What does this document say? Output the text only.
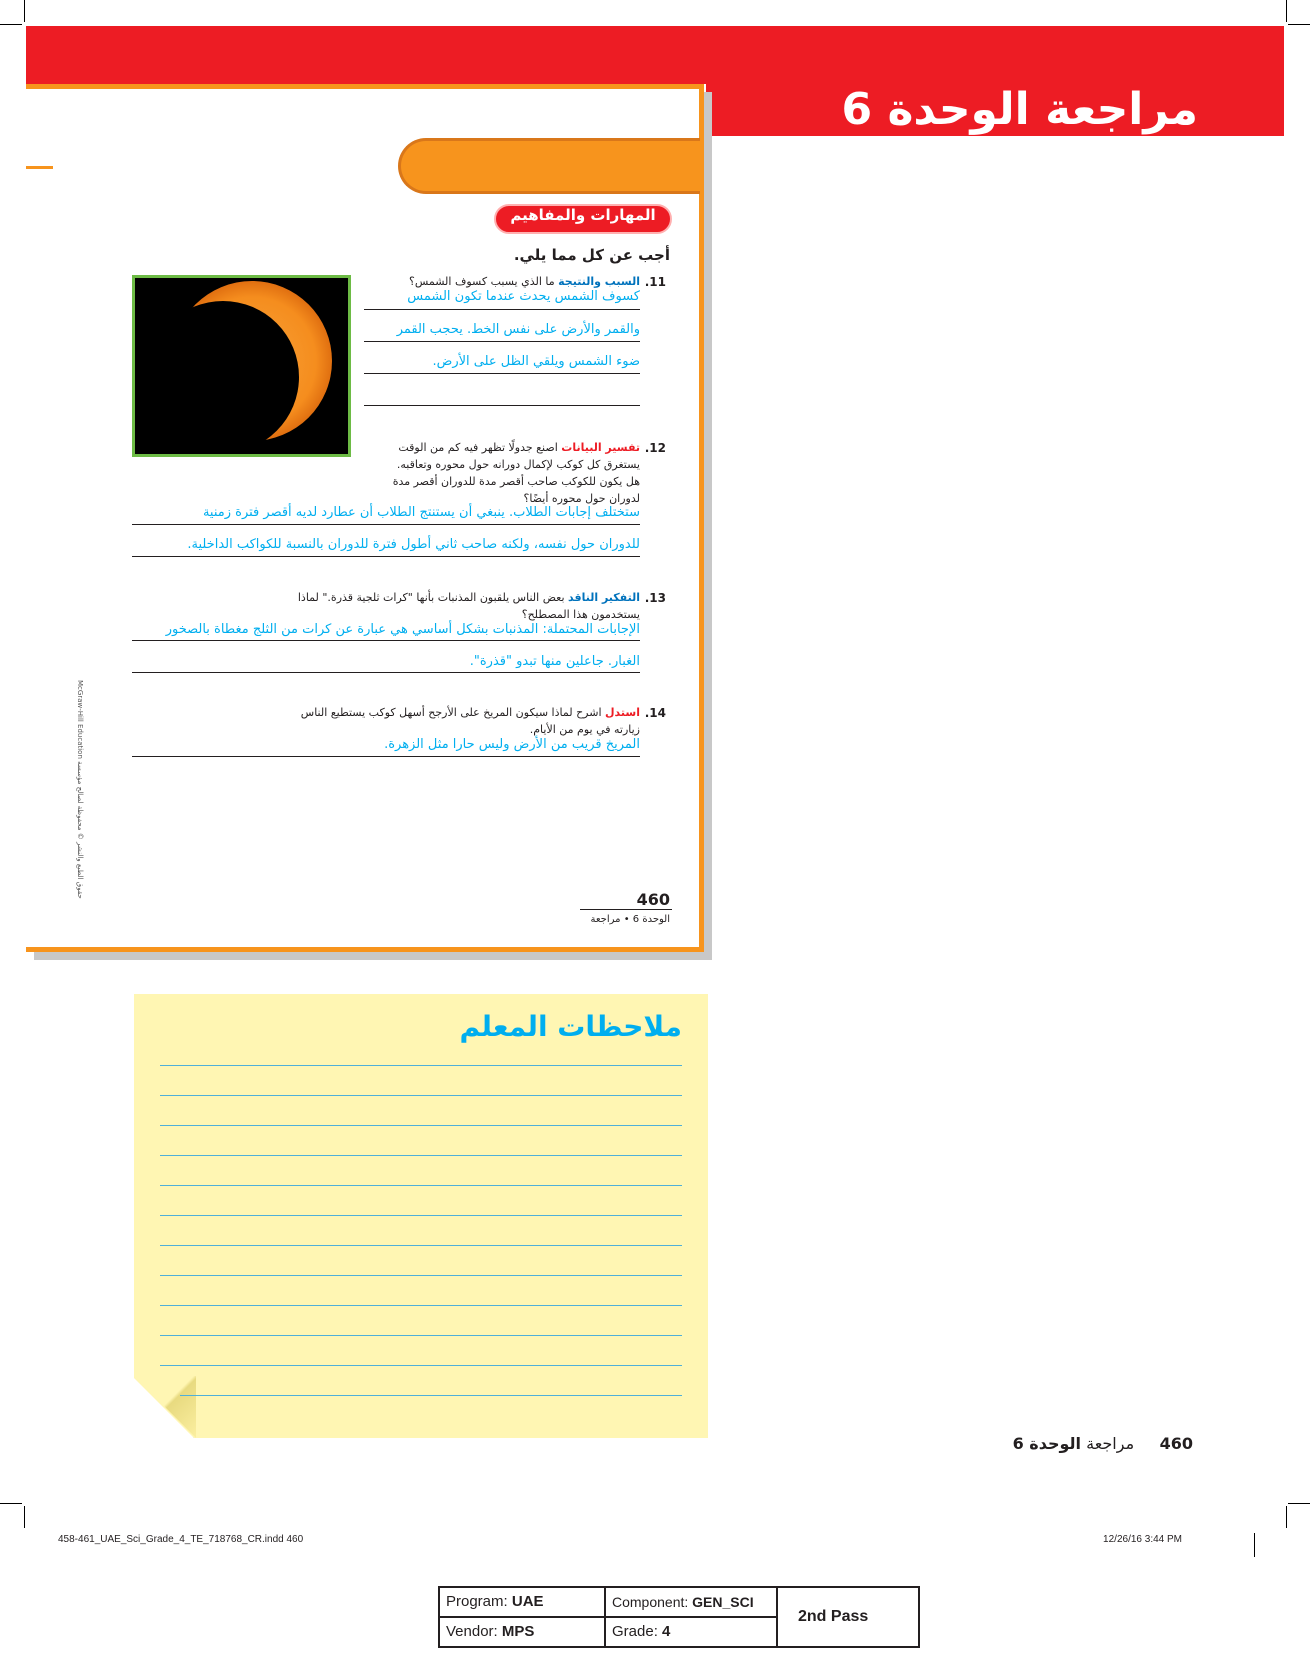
مراجعة الوحدة 6
الوحدة 6 مراجعة
المهارات والمفاهيم
أجب عن كل مما يلي.
.11
السبب والنتيجة ما الذي يسبب كسوف الشمس؟
كسوف الشمس يحدث عندما تكون الشمس
والقمر والأرض على نفس الخط. يحجب القمر
ضوء الشمس ويلقي الظل على الأرض.
.12
تفسير البيانات اصنع جدولًا تظهر فيه كم من الوقت
يستغرق كل كوكب لإكمال دورانه حول محوره وتعاقبه.
هل يكون للكوكب صاحب أقصر مدة للدوران أقصر مدة
لدوران حول محوره أيضًا؟
ستختلف إجابات الطلاب. ينبغي أن يستنتج الطلاب أن عطارد لديه أقصر فترة زمنية
للدوران حول نفسه، ولكنه صاحب ثاني أطول فترة للدوران بالنسبة للكواكب الداخلية.
.13
التفكير الناقد بعض الناس يلقبون المذنبات بأنها "كرات ثلجية قذرة." لماذا
يستخدمون هذا المصطلح؟
الإجابات المحتملة: المذنبات بشكل أساسي هي عبارة عن كرات من الثلج مغطاة بالصخور
الغبار. جاعلين منها تبدو "قذرة".
.14
استدل اشرح لماذا سيكون المريخ على الأرجح أسهل كوكب يستطيع الناس
زيارته في يوم من الأيام.
المريخ قريب من الأرض وليس حارا مثل الزهرة.
حقوق الطبع والنشر © محفوظة لصالح مؤسسة McGraw-Hill Education
460
الوحدة 6 • مراجعة
ملاحظات المعلم
460     مراجعة الوحدة 6
458-461_UAE_Sci_Grade_4_TE_718768_CR.indd 460	12/26/16 3:44 PM
Program: UAE	Component: GEN_SCI
Vendor: MPS	Grade: 4
2nd Pass
